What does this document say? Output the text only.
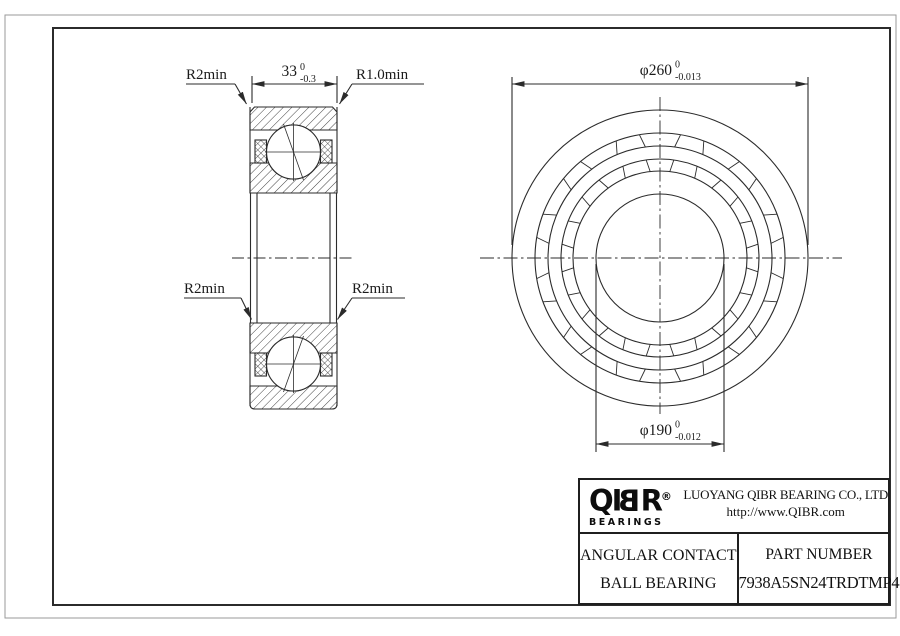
33 0
-0.3
R2min	R1.0min
R2min	R2min
φ260 0
-0.013
φ190 0
-0.012
QIBR®
BEARINGS
LUOYANG QIBR BEARING CO., LTD
http://www.QIBR.com
ANGULAR CONTACT
BALL BEARING
PART NUMBER
7938A5SN24TRDTMP4
